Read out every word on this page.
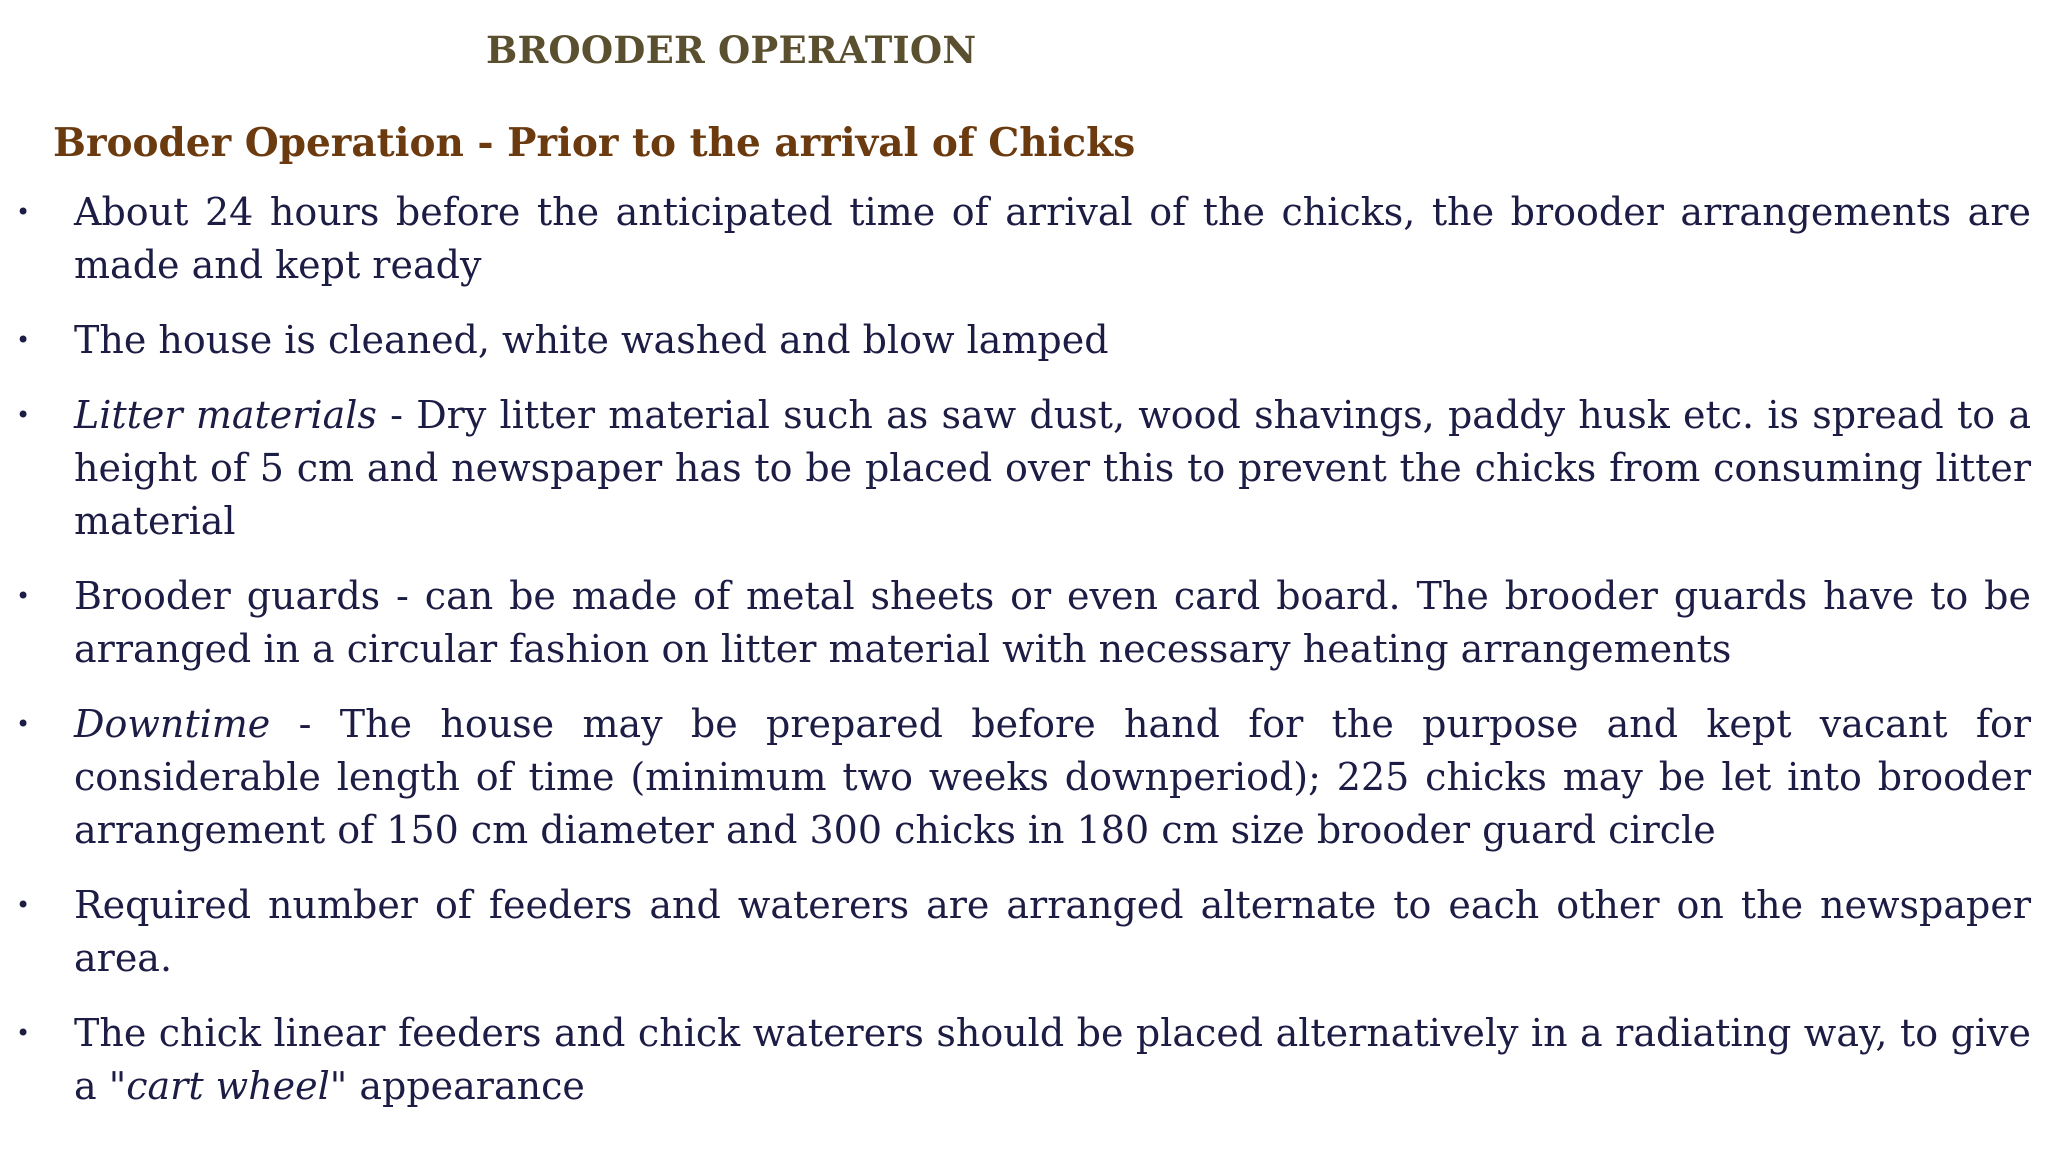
BROODER OPERATION
Brooder Operation - Prior to the arrival of Chicks
• About 24 hours before the anticipated time of arrival of the chicks, the brooder arrangements are made and kept ready
• The house is cleaned, white washed and blow lamped
• Litter materials - Dry litter material such as saw dust, wood shavings, paddy husk etc. is spread to a height of 5 cm and newspaper has to be placed over this to prevent the chicks from consuming litter material
• Brooder guards - can be made of metal sheets or even card board. The brooder guards have to be arranged in a circular fashion on litter material with necessary heating arrangements
• Downtime - The house may be prepared before hand for the purpose and kept vacant for considerable length of time (minimum two weeks downperiod); 225 chicks may be let into brooder arrangement of 150 cm diameter and 300 chicks in 180 cm size brooder guard circle
• Required number of feeders and waterers are arranged alternate to each other on the newspaper area.
• The chick linear feeders and chick waterers should be placed alternatively in a radiating way, to give a "cart wheel" appearance
